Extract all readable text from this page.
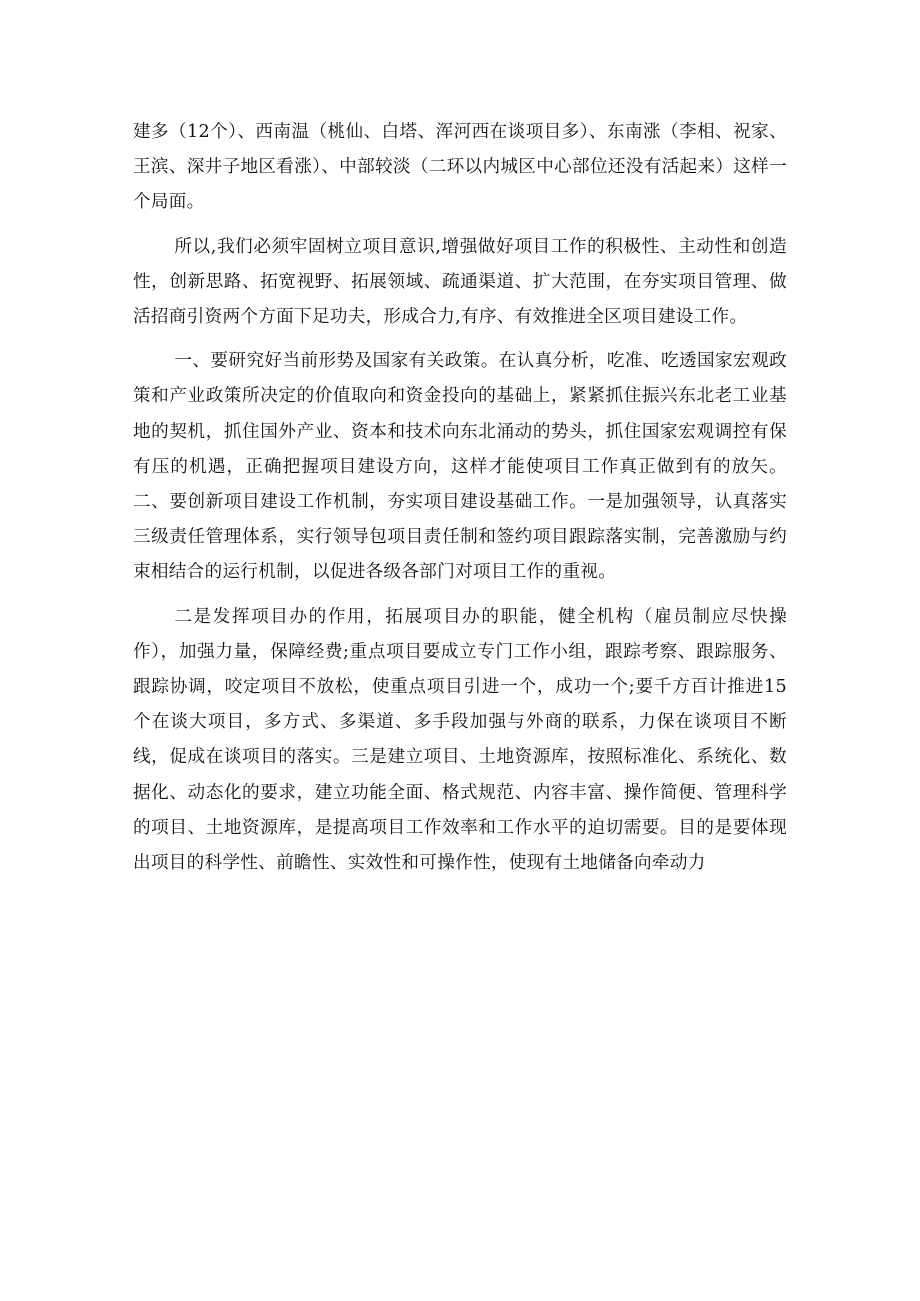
建多（12个）、西南温（桃仙、白塔、浑河西在谈项目多）、东南涨（李相、祝家、王滨、深井子地区看涨）、中部较淡（二环以内城区中心部位还没有活起来）这样一个局面。

所以,我们必须牢固树立项目意识,增强做好项目工作的积极性、主动性和创造性，创新思路、拓宽视野、拓展领域、疏通渠道、扩大范围，在夯实项目管理、做活招商引资两个方面下足功夫，形成合力,有序、有效推进全区项目建设工作。

一、要研究好当前形势及国家有关政策。在认真分析，吃准、吃透国家宏观政策和产业政策所决定的价值取向和资金投向的基础上，紧紧抓住振兴东北老工业基地的契机，抓住国外产业、资本和技术向东北涌动的势头，抓住国家宏观调控有保有压的机遇，正确把握项目建设方向，这样才能使项目工作真正做到有的放矢。二、要创新项目建设工作机制，夯实项目建设基础工作。一是加强领导，认真落实三级责任管理体系，实行领导包项目责任制和签约项目跟踪落实制，完善激励与约束相结合的运行机制，以促进各级各部门对项目工作的重视。

二是发挥项目办的作用，拓展项目办的职能，健全机构（雇员制应尽快操作），加强力量，保障经费;重点项目要成立专门工作小组，跟踪考察、跟踪服务、跟踪协调，咬定项目不放松，使重点项目引进一个，成功一个;要千方百计推进15个在谈大项目，多方式、多渠道、多手段加强与外商的联系，力保在谈项目不断线，促成在谈项目的落实。三是建立项目、土地资源库，按照标准化、系统化、数据化、动态化的要求，建立功能全面、格式规范、内容丰富、操作简便、管理科学的项目、土地资源库，是提高项目工作效率和工作水平的迫切需要。目的是要体现出项目的科学性、前瞻性、实效性和可操作性，使现有土地储备向牵动力
